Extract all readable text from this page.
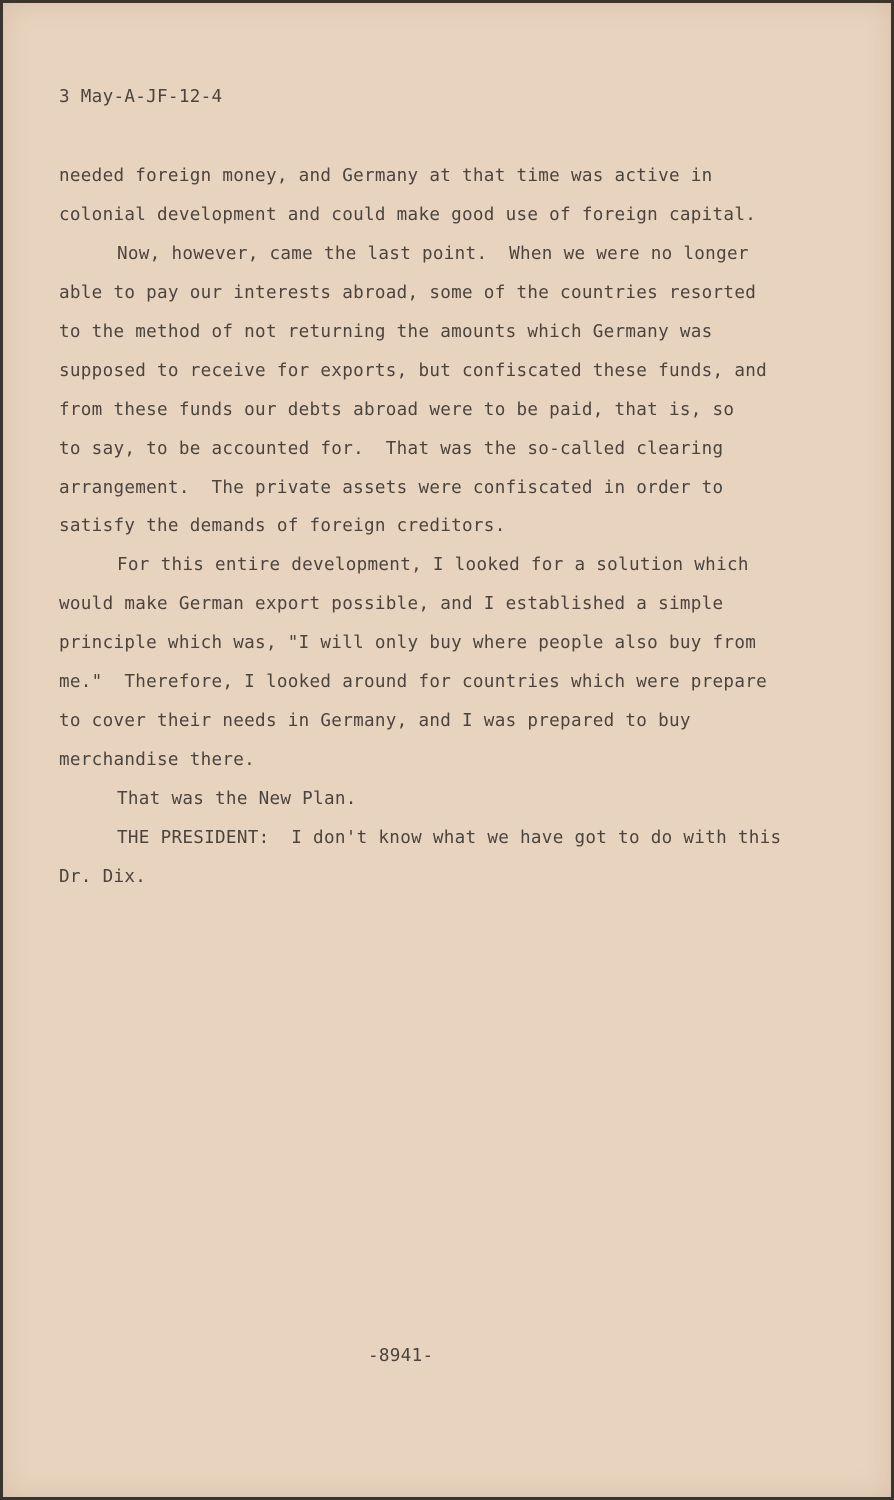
3 May-A-JF-12-4
needed foreign money, and Germany at that time was active in
colonial development and could make good use of foreign capital.
Now, however, came the last point.  When we were no longer
able to pay our interests abroad, some of the countries resorted
to the method of not returning the amounts which Germany was
supposed to receive for exports, but confiscated these funds, and
from these funds our debts abroad were to be paid, that is, so
to say, to be accounted for.  That was the so-called clearing
arrangement.  The private assets were confiscated in order to
satisfy the demands of foreign creditors.
For this entire development, I looked for a solution which
would make German export possible, and I established a simple
principle which was, "I will only buy where people also buy from
me."  Therefore, I looked around for countries which were prepare
to cover their needs in Germany, and I was prepared to buy
merchandise there.
That was the New Plan.
THE PRESIDENT:  I don't know what we have got to do with this
Dr. Dix.
-8941-
